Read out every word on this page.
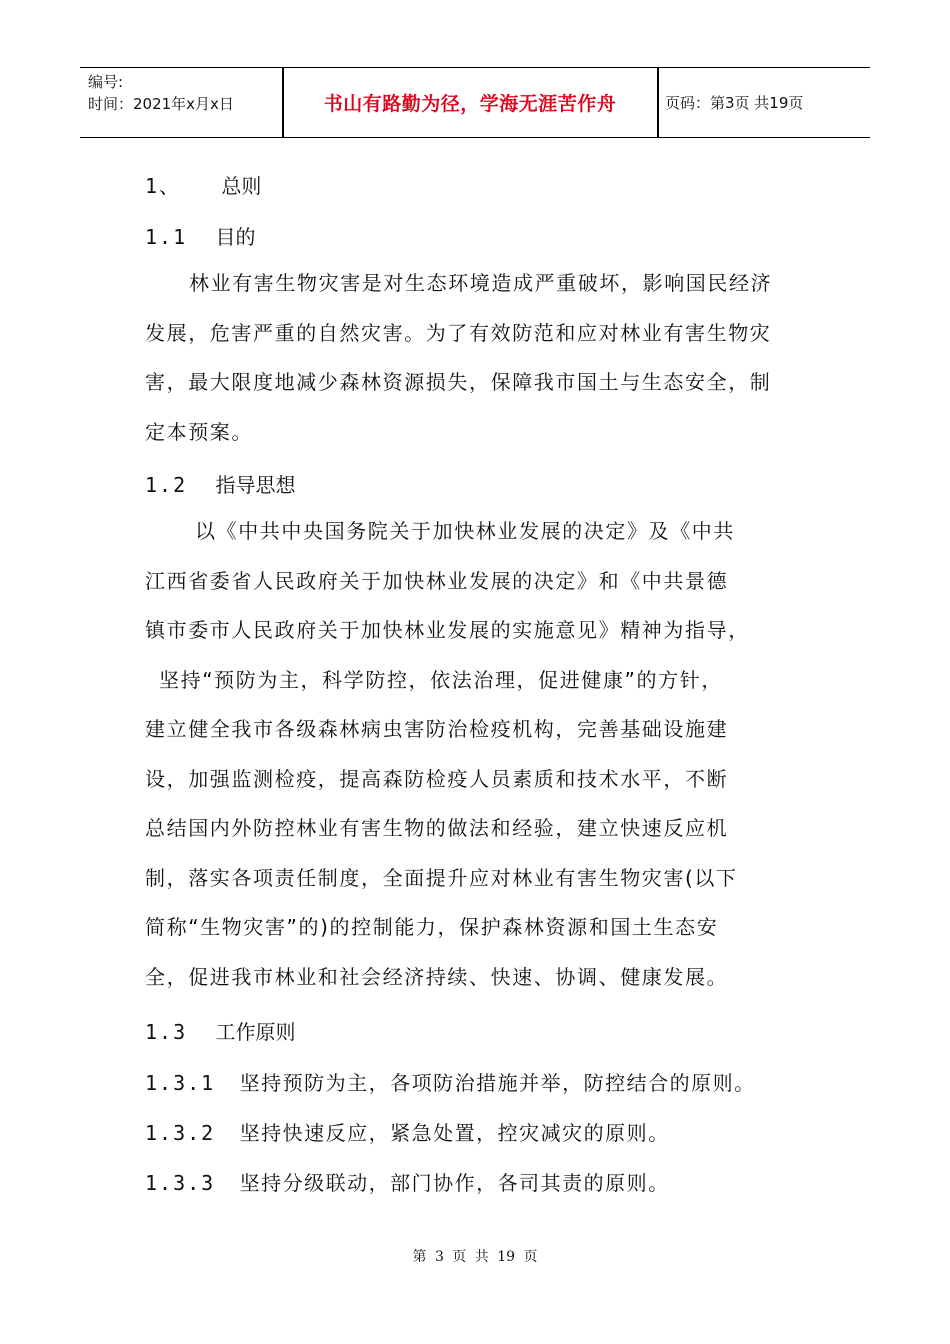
编号:
时间：2021年x月x日	书山有路勤为径，学海无涯苦作舟	页码：第3页 共19页
1、 总则
1.1 目的
林业有害生物灾害是对生态环境造成严重破坏，影响国民经济
发展，危害严重的自然灾害。为了有效防范和应对林业有害生物灾
害，最大限度地减少森林资源损失，保障我市国土与生态安全，制
定本预案。
1.2 指导思想
以《中共中央国务院关于加快林业发展的决定》及《中共
江西省委省人民政府关于加快林业发展的决定》和《中共景德
镇市委市人民政府关于加快林业发展的实施意见》精神为指导，
坚持“预防为主，科学防控，依法治理，促进健康”的方针，
建立健全我市各级森林病虫害防治检疫机构，完善基础设施建
设，加强监测检疫，提高森防检疫人员素质和技术水平，不断
总结国内外防控林业有害生物的做法和经验，建立快速反应机
制，落实各项责任制度，全面提升应对林业有害生物灾害(以下
简称“生物灾害”的)的控制能力，保护森林资源和国土生态安
全，促进我市林业和社会经济持续、快速、协调、健康发展。
1.3 工作原则
1.3.1 坚持预防为主，各项防治措施并举，防控结合的原则。
1.3.2 坚持快速反应，紧急处置，控灾减灾的原则。
1.3.3 坚持分级联动，部门协作，各司其责的原则。
第 3 页 共 19 页
